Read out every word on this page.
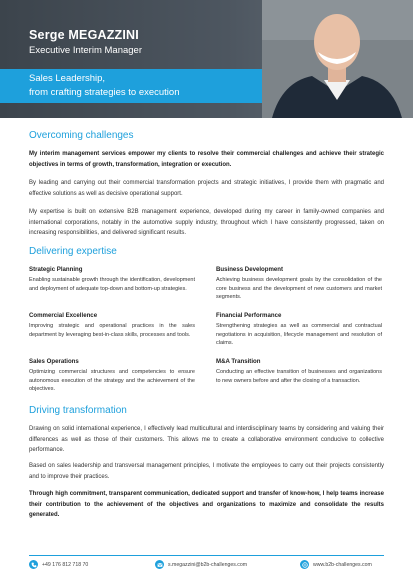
Serge MEGAZZINI
Executive Interim Manager
Sales Leadership,
from crafting strategies to execution
Overcoming challenges
My interim management services empower my clients to resolve their commercial challenges and achieve their strategic objectives in terms of growth, transformation, integration or execution.
By leading and carrying out their commercial transformation projects and strategic initiatives, I provide them with pragmatic and effective solutions as well as decisive operational support.
My expertise is built on extensive B2B management experience, developed during my career in family-owned companies and international corporations, notably in the automotive supply industry, throughout which I have consistently progressed, taken on increasing responsibilities, and delivered significant results.
Delivering expertise
Strategic Planning

Enabling sustainable growth through the identification, development and deployment of adequate top-down and bottom-up strategies.

Business Development

Achieving business development goals by the consolidation of the core business and the development of new customers and market segments.

Commercial Excellence

Improving strategic and operational practices in the sales department by leveraging best-in-class skills, processes and tools.

Financial Performance

Strengthening strategies as well as commercial and contractual negotiations in acquisition, lifecycle management and resolution of claims.

Sales Operations

Optimizing commercial structures and competencies to ensure autonomous execution of the strategy and the achievement of the objectives.

M&A Transition

Conducting an effective transition of businesses and organizations to new owners before and after the closing of a transaction.

Driving transformation
Drawing on solid international experience, I effectively lead multicultural and interdisciplinary teams by considering and valuing their differences as well as those of their customers. This allows me to create a collaborative environment conducive to collective performance.
Based on sales leadership and transversal management principles, I motivate the employees to carry out their projects consistently and to improve their practices.
Through high commitment, transparent communication, dedicated support and transfer of know-how, I help teams increase their contribution to the achievement of the objectives and organizations to maximize and consolidate the results generated.
+49 176 812 718 70	s.megazzini@b2b-challenges.com	www.b2b-challenges.com
